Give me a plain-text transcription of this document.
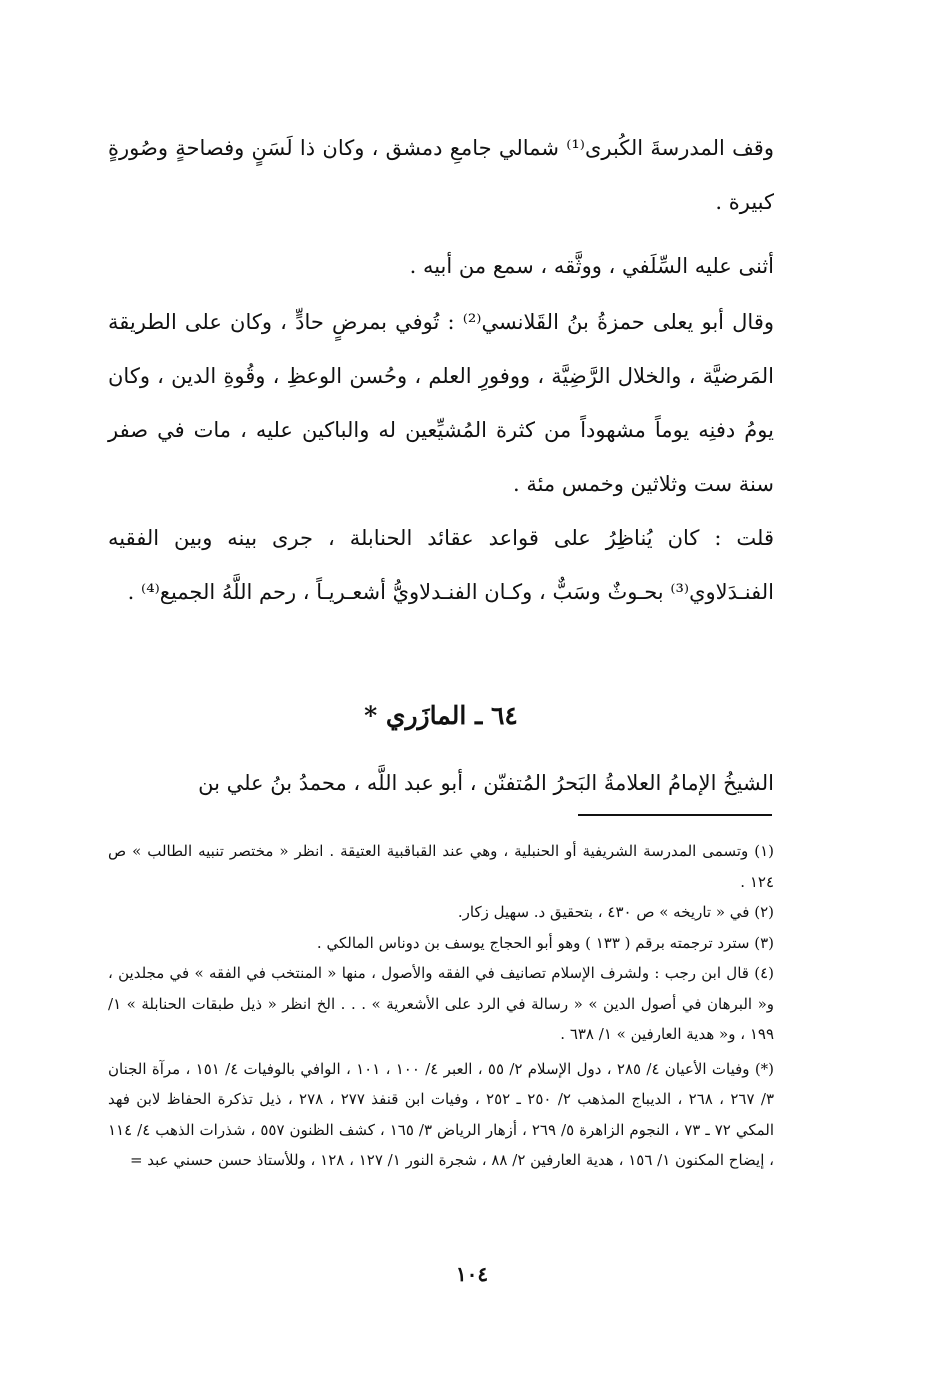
وقف المدرسةَ الكُبرى⁽¹⁾ شمالي جامعِ دمشق ، وكان ذا لَسَنٍ وفصاحةٍ وصُورةٍ كبيرة .

أثنى عليه السِّلَفي ، ووثَّقه ، سمع من أبيه .

وقال أبو يعلى حمزةُ بنُ القَلانسي⁽²⁾ : تُوفي بمرضٍ حادٍّ ، وكان على الطريقة المَرضيَّة ، والخلال الرَّضِيَّة ، ووفورِ العلم ، وحُسن الوعظِ ، وقُوةِ الدين ، وكان يومُ دفنِه يوماً مشهوداً من كثرة المُشيِّعين له والباكين عليه ، مات في صفر سنة ست وثلاثين وخمس مئة .

قلت : كان يُناظِرُ على قواعد عقائد الحنابلة ، جرى بينه وبين الفقيه الفنـدَلاوي⁽³⁾ بحـوثٌ وسَبٌّ ، وكـان الفنـدلاويُّ أشعـريـاً ، رحم اللَّهُ الجميع⁽⁴⁾ .

٦٤ ـ المازَري *

الشيخُ الإمامُ العلامةُ البَحرُ المُتفنّن ، أبو عبد اللَّه ، محمدُ بنُ علي بن

(١) وتسمى المدرسة الشريفية أو الحنبلية ، وهي عند القباقبية العتيقة . انظر « مختصر تنبيه الطالب » ص ١٢٤ .

(٢) في « تاريخه » ص ٤٣٠ ، بتحقيق د. سهيل زكار.

(٣) سترد ترجمته برقم ( ١٣٣ ) وهو أبو الحجاج يوسف بن دوناس المالكي .

(٤) قال ابن رجب : ولشرف الإسلام تصانيف في الفقه والأصول ، منها « المنتخب في الفقه » في مجلدين ، و« البرهان في أصول الدين » « رسالة في الرد على الأشعرية » . . . الخ انظر « ذيل طبقات الحنابلة » ١/ ١٩٩ ، و« هدية العارفين » ١/ ٦٣٨ .

(*) وفيات الأعيان ٤/ ٢٨٥ ، دول الإسلام ٢/ ٥٥ ، العبر ٤/ ١٠٠ ، ١٠١ ، الوافي بالوفيات ٤/ ١٥١ ، مرآة الجنان ٣/ ٢٦٧ ، ٢٦٨ ، الديباج المذهب ٢/ ٢٥٠ ـ ٢٥٢ ، وفيات ابن قنفذ ٢٧٧ ، ٢٧٨ ، ذيل تذكرة الحفاظ لابن فهد المكي ٧٢ ـ ٧٣ ، النجوم الزاهرة ٥/ ٢٦٩ ، أزهار الرياض ٣/ ١٦٥ ، كشف الظنون ٥٥٧ ، شذرات الذهب ٤/ ١١٤ ، إيضاح المكنون ١/ ١٥٦ ، هدية العارفين ٢/ ٨٨ ، شجرة النور ١/ ١٢٧ ، ١٢٨ ، وللأستاذ حسن حسني عبد =

١٠٤
